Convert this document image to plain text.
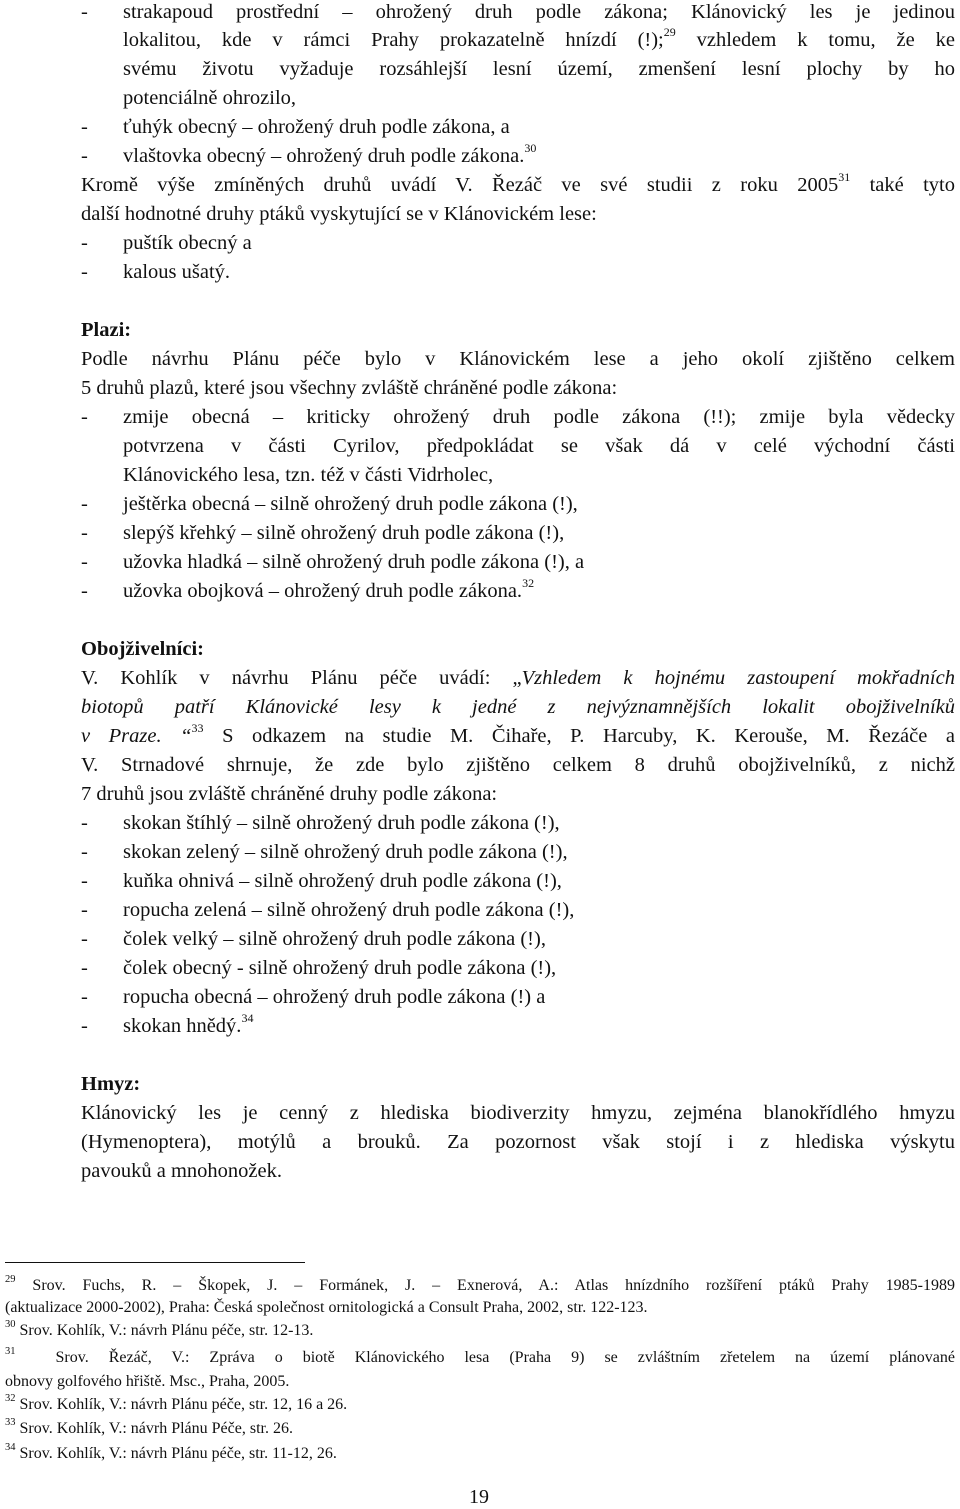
- strakapoud prostřední – ohrožený druh podle zákona; Klánovický les je jedinou
lokalitou, kde v rámci Prahy prokazatelně hnízdí (!);$^{29}$ vzhledem k tomu, že ke
svému životu vyžaduje rozsáhlejší lesní území, zmenšení lesní plochy by ho
potenciálně ohrozilo,
- ťuhýk obecný – ohrožený druh podle zákona, a
- vlaštovka obecný – ohrožený druh podle zákona.$^{30}$
Kromě výše zmíněných druhů uvádí V. Řezáč ve své studii z roku 2005$^{31}$ také tyto
další hodnotné druhy ptáků vyskytující se v Klánovickém lese:
- puštík obecný a
- kalous ušatý.
Plazi:
Podle návrhu Plánu péče bylo v Klánovickém lese a jeho okolí zjištěno celkem
5 druhů plazů, které jsou všechny zvláště chráněné podle zákona:
- zmije obecná – kriticky ohrožený druh podle zákona (!!); zmije byla vědecky
potvrzena v části Cyrilov, předpokládat se však dá v celé východní části
Klánovického lesa, tzn. též v části Vidrholec,
- ještěrka obecná – silně ohrožený druh podle zákona (!),
- slepýš křehký – silně ohrožený druh podle zákona (!),
- užovka hladká – silně ohrožený druh podle zákona (!), a
- užovka obojková – ohrožený druh podle zákona.$^{32}$
Obojživelníci:
V. Kohlík v návrhu Plánu péče uvádí: „Vzhledem k hojnému zastoupení mokřadních
biotopů patří Klánovické lesy k jedné z nejvýznamnějších lokalit obojživelníků
v Praze. “$^{33}$ S odkazem na studie M. Čihaře, P. Harcuby, K. Kerouše, M. Řezáče a
V. Strnadové shrnuje, že zde bylo zjištěno celkem 8 druhů obojživelníků, z nichž
7 druhů jsou zvláště chráněné druhy podle zákona:
- skokan štíhlý – silně ohrožený druh podle zákona (!),
- skokan zelený – silně ohrožený druh podle zákona (!),
- kuňka ohnivá – silně ohrožený druh podle zákona (!),
- ropucha zelená – silně ohrožený druh podle zákona (!),
- čolek velký – silně ohrožený druh podle zákona (!),
- čolek obecný - silně ohrožený druh podle zákona (!),
- ropucha obecná – ohrožený druh podle zákona (!) a
- skokan hnědý.$^{34}$
Hmyz:
Klánovický les je cenný z hlediska biodiverzity hmyzu, zejména blanokřídlého hmyzu
(Hymenoptera), motýlů a brouků. Za pozornost však stojí i z hlediska výskytu
pavouků a mnohonožek.
$^{29}$ Srov. Fuchs, R. – Škopek, J. – Formánek, J. – Exnerová, A.: Atlas hnízdního rozšíření ptáků Prahy 1985-1989
(aktualizace 2000-2002), Praha: Česká společnost ornitologická a Consult Praha, 2002, str. 122-123.
$^{30}$ Srov. Kohlík, V.: návrh Plánu péče, str. 12-13.
$^{31}$	Srov. Řezáč, V.: Zpráva o biotě Klánovického lesa (Praha 9) se zvláštním zřetelem na území plánované
obnovy golfového hřiště. Msc., Praha, 2005.
$^{32}$ Srov. Kohlík, V.: návrh Plánu péče, str. 12, 16 a 26.
$^{33}$ Srov. Kohlík, V.: návrh Plánu Péče, str. 26.
$^{34}$ Srov. Kohlík, V.: návrh Plánu péče, str. 11-12, 26.
19
